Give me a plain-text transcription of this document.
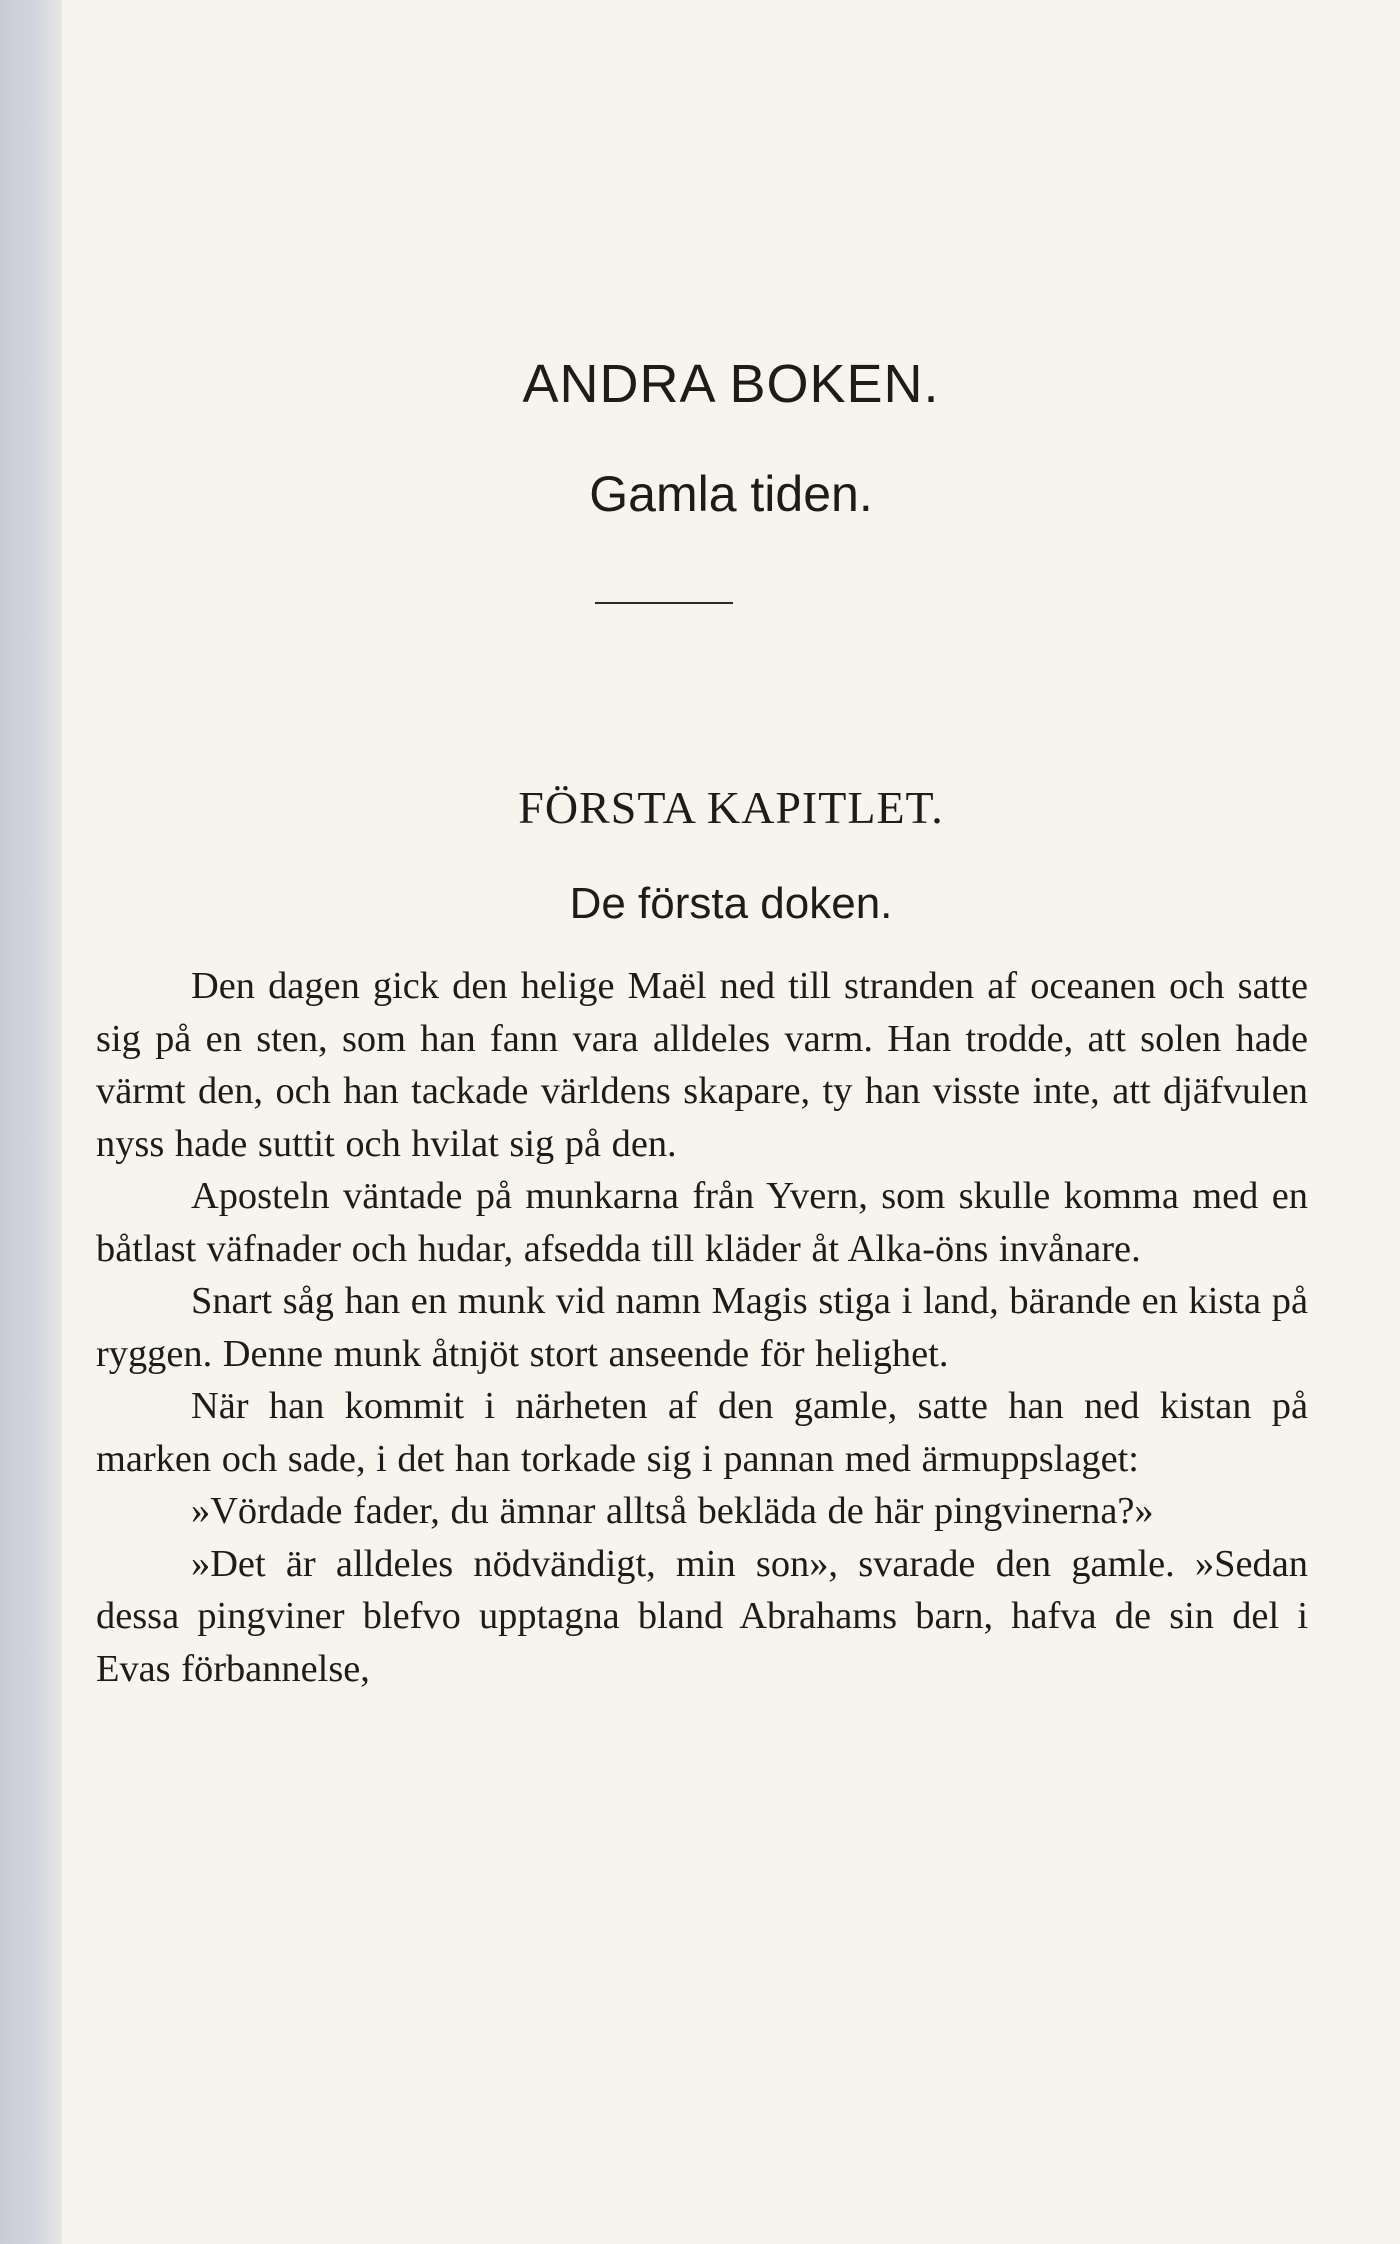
ANDRA BOKEN.
Gamla tiden.
FÖRSTA KAPITLET.
De första doken.

Den dagen gick den helige Maël ned till stranden af oceanen och satte sig på en sten, som han fann vara alldeles varm. Han trodde, att solen hade värmt den, och han tackade världens skapare, ty han visste inte, att djäfvulen nyss hade suttit och hvilat sig på den.

Aposteln väntade på munkarna från Yvern, som skulle komma med en båtlast väfnader och hudar, afsedda till kläder åt Alka-öns invånare.

Snart såg han en munk vid namn Magis stiga i land, bärande en kista på ryggen. Denne munk åtnjöt stort anseende för helighet.

När han kommit i närheten af den gamle, satte han ned kistan på marken och sade, i det han torkade sig i pannan med ärmuppslaget:

»Vördade fader, du ämnar alltså bekläda de här pingvinerna?»

»Det är alldeles nödvändigt, min son», svarade den gamle. »Sedan dessa pingviner blefvo upptagna bland Abrahams barn, hafva de sin del i Evas förbannelse,
